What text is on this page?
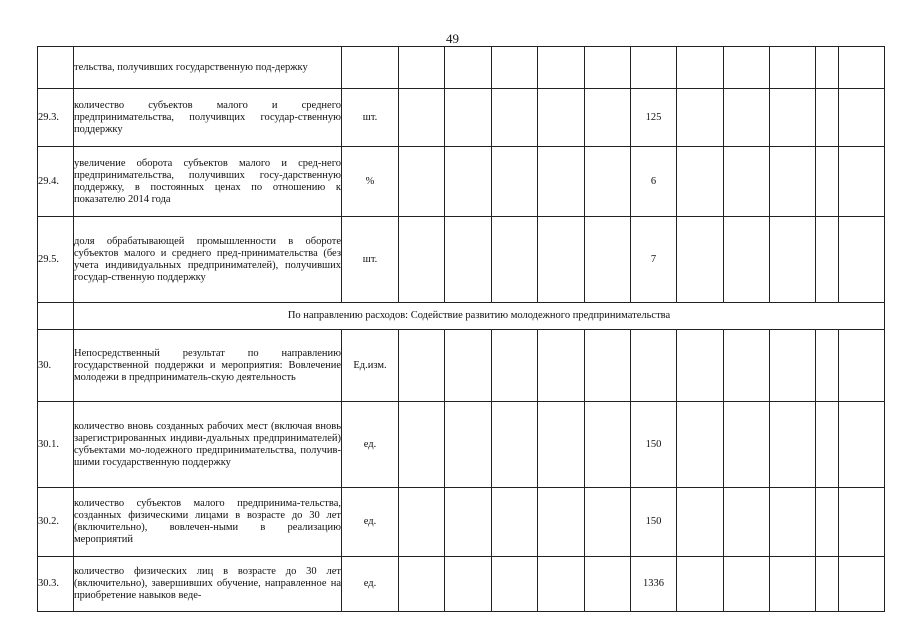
49
	тельства, получивших государственную под-держку												
29.3.	количество субъектов малого и среднего предпринимательства, получивщих государ-ственную поддержку	шт.						125					
29.4.	увеличение оборота субъектов малого и сред-него предпринимательства, получивших госу-дарственную поддержку, в постоянных ценах по отношению к показателю 2014 года	%						6					
29.5.	доля обрабатывающей промышленности в обороте субъектов малого и среднего пред-принимательства (без учета индивидуальных предпринимателей), получивших государ-ственную поддержку	шт.						7					
	По направлению расходов: Содействие развитию молодежного предпринимательства												
30.	Непосредственный результат по направлению государственной поддержки и мероприятия: Вовлечение молодежи в предприниматель-скую деятельность	Ед.изм.											
30.1.	количество вновь созданных рабочих мест (включая вновь зарегистрированных индиви-дуальных предпринимателей) субъектами мо-лодежного предпринимательства, получив-шими государственную поддержку	ед.						150					
30.2.	количество субъектов малого предпринима-тельства, созданных физическими лицами в возрасте до 30 лет (включительно), вовлечен-ными в реализацию мероприятий	ед.						150					
30.3.	количество физических лиц в возрасте до 30 лет (включительно), завершивших обучение, направленное на приобретение навыков веде-	ед.						1336					
